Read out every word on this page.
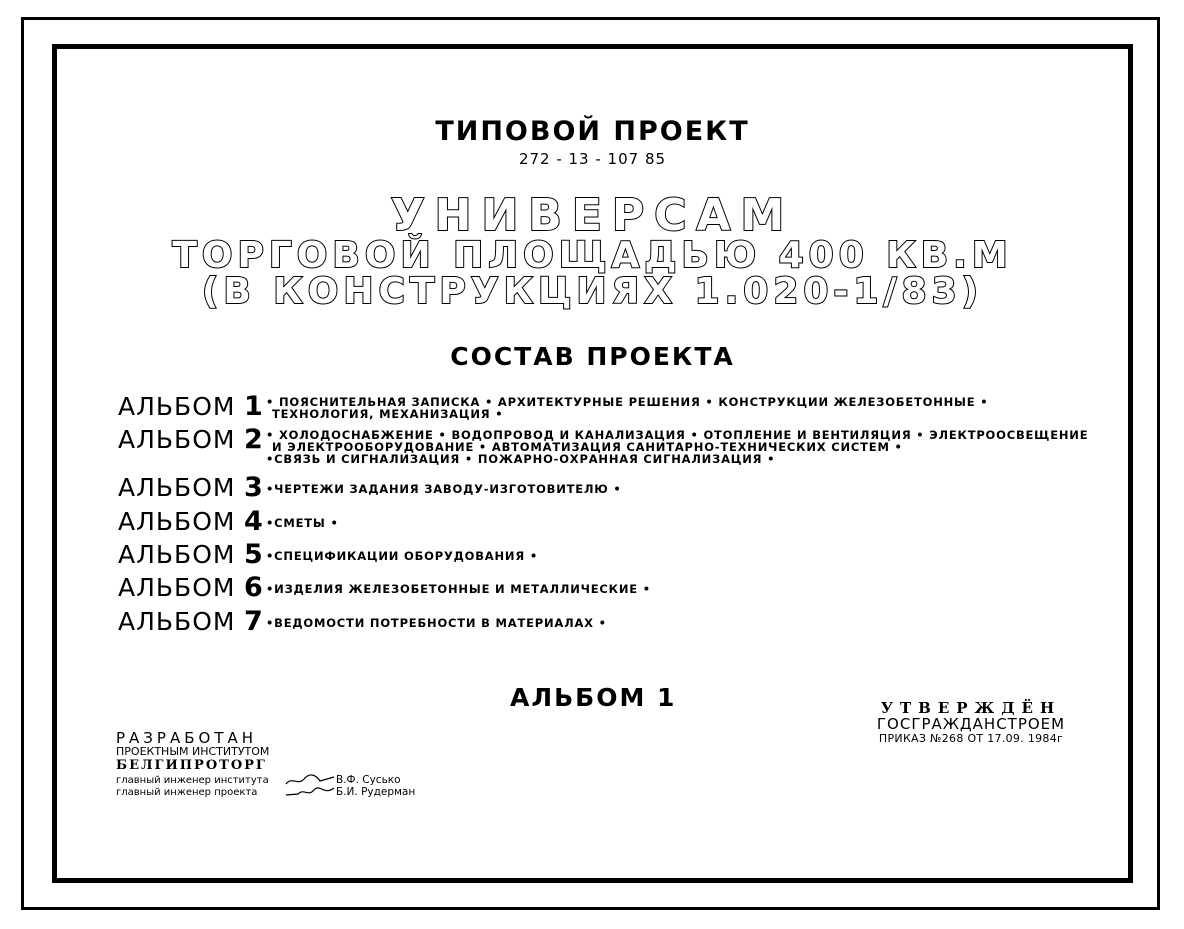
ТИПОВОЙ ПРОЕКТ
272 - 13 - 107 85
УНИВЕРСАМ
ТОРГОВОЙ ПЛОЩАДЬЮ 400 КВ.М
(В КОНСТРУКЦИЯХ 1.020-1/83)
СОСТАВ ПРОЕКТА
АЛЬБОМ 1 • ПОЯСНИТЕЛЬНАЯ ЗАПИСКА • АРХИТЕКТУРНЫЕ РЕШЕНИЯ • КОНСТРУКЦИИ ЖЕЛЕЗОБЕТОННЫЕ •
ТЕХНОЛОГИЯ, МЕХАНИЗАЦИЯ •
АЛЬБОМ 2 • ХОЛОДОСНАБЖЕНИЕ • ВОДОПРОВОД И КАНАЛИЗАЦИЯ • ОТОПЛЕНИЕ И ВЕНТИЛЯЦИЯ • ЭЛЕКТРООСВЕЩЕНИЕ
И ЭЛЕКТРООБОРУДОВАНИЕ • АВТОМАТИЗАЦИЯ САНИТАРНО-ТЕХНИЧЕСКИХ СИСТЕМ •
•СВЯЗЬ И СИГНАЛИЗАЦИЯ • ПОЖАРНО-ОХРАННАЯ СИГНАЛИЗАЦИЯ •
АЛЬБОМ 3 •ЧЕРТЕЖИ ЗАДАНИЯ ЗАВОДУ-ИЗГОТОВИТЕЛЮ •
АЛЬБОМ 4 •СМЕТЫ •
АЛЬБОМ 5 •СПЕЦИФИКАЦИИ ОБОРУДОВАНИЯ •
АЛЬБОМ 6 •ИЗДЕЛИЯ ЖЕЛЕЗОБЕТОННЫЕ И МЕТАЛЛИЧЕСКИЕ •
АЛЬБОМ 7 •ВЕДОМОСТИ ПОТРЕБНОСТИ В МАТЕРИАЛАХ •
АЛЬБОМ 1	УТВЕРЖДЁН
ГОСГРАЖДАНСТРОЕМ
ПРИКАЗ №268 ОТ 17.09. 1984г
РАЗРАБОТАН
ПРОЕКТНЫМ ИНСТИТУТОМ
БЕЛГИПРОТОРГ
главный инженер института	В.Ф. Сусько
главный инженер проекта	Б.И. Рудерман
